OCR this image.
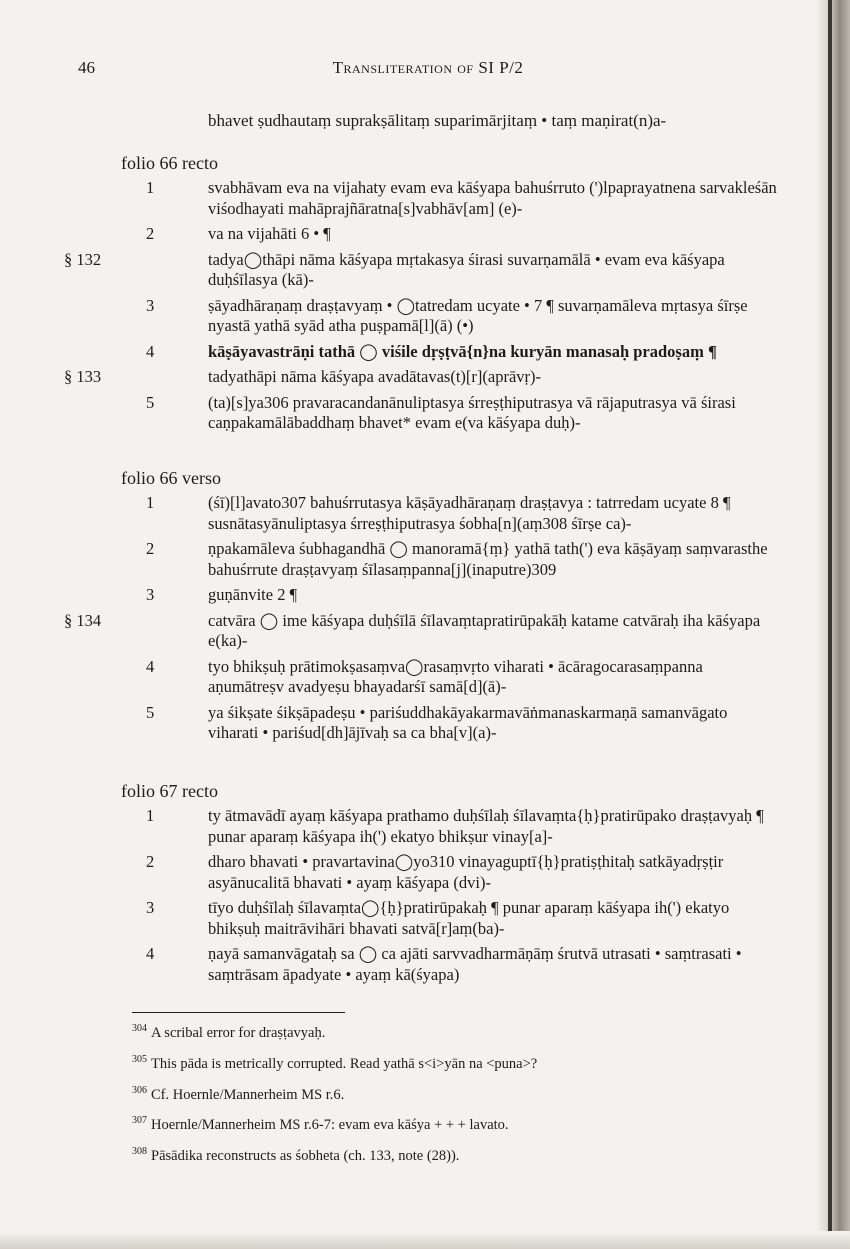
46	Transliteration of SI P/2
bhavet ṣudhautaṃ suprakṣālitaṃ suparimārjitaṃ • taṃ maṇirat(n)a-
folio 66 recto
1	svabhāvam eva na vijahaty evam eva kāśyapa bahuśrruto (')lpaprayatnena sarvakleśān viśodhayati mahāprajñāratna[s]vabhāv[am] (e)-
2	va na vijahāti 6 • ¶
§ 132	tadya◯thāpi nāma kāśyapa mṛtakasya śirasi suvarṇamālā • evam eva kāśyapa duḥśīlasya (kā)-
3	ṣāyadhāraṇaṃ draṣṭavyaṃ • ◯tatredam ucyate • 7 ¶ suvarṇamāleva mṛtasya śīrṣe nyastā yathā syād atha puṣpamā[l](ā) (•)
4	kāṣāyavastrāṇi tathā ◯ viśile dṛṣṭvā{n}na kuryān manasaḥ pradoṣaṃ ¶
§ 133	tadyathāpi nāma kāśyapa avadātavas(t)[r](aprāvṛ)-
5	(ta)[s]ya306 pravaracandanānuliptasya śrreṣṭhiputrasya vā rājaputrasya vā śirasi caṇpakamālābaddhaṃ bhavet* evam e(va kāśyapa duḥ)-
folio 66 verso
1	(śī)[l]avato307 bahuśrrutasya kāṣāyadhāraṇaṃ draṣṭavya : tatrredam ucyate 8 ¶ susnātasyānuliptasya śrreṣṭhiputrasya śobha[n](aṃ308 śīrṣe ca)-
2	ṇpakamāleva śubhagandhā ◯ manoramā{ṃ} yathā tath(') eva kāṣāyaṃ saṃvarasthe bahuśrrute draṣṭavyaṃ śīlasaṃpanna[j](inaputre)309
3	guṇānvite 2 ¶
§ 134	catvāra ◯ ime kāśyapa duḥśīlā śīlavaṃtapratirūpakāḥ katame catvāraḥ iha kāśyapa e(ka)-
4	tyo bhikṣuḥ prātimokṣasaṃva◯rasaṃvṛto viharati • ācāragocarasaṃpanna aṇumātreṣv avadyeṣu bhayadarśī samā[d](ā)-
5	ya śikṣate śikṣāpadeṣu • pariśuddhakāyakarmavāṅmanaskarmaṇā samanvāgato viharati • pariśud[dh]ājīvaḥ sa ca bha[v](a)-
folio 67 recto
1	ty ātmavādī ayaṃ kāśyapa prathamo duḥśīlaḥ śīlavaṃta{ḥ}pratirūpako draṣṭavyaḥ ¶ punar aparaṃ kāśyapa ih(') ekatyo bhikṣur vinay[a]-
2	dharo bhavati • pravartavina◯yo310 vinayaguptī{ḥ}pratiṣṭhitaḥ satkāyadṛṣṭir asyānucalitā bhavati • ayaṃ kāśyapa (dvi)-
3	tīyo duḥśīlaḥ śīlavaṃta◯{ḥ}pratirūpakaḥ ¶ punar aparaṃ kāśyapa ih(') ekatyo bhikṣuḥ maitrāvihāri bhavati satvā[r]aṃ(ba)-
4	ṇayā samanvāgataḥ sa ◯ ca ajāti sarvvadharmāṇāṃ śrutvā utrasati • saṃtrasati • saṃtrāsam āpadyate • ayaṃ kā(śyapa)
$^{304}$ A scribal error for draṣṭavyaḥ.
$^{305}$ This pāda is metrically corrupted. Read yathā s<i>yān na <puna>?
$^{306}$ Cf. Hoernle/Mannerheim MS r.6.
$^{307}$ Hoernle/Mannerheim MS r.6-7: evam eva kāśya + + + lavato.
$^{308}$ Pāsādika reconstructs as śobheta (ch. 133, note (28)).
